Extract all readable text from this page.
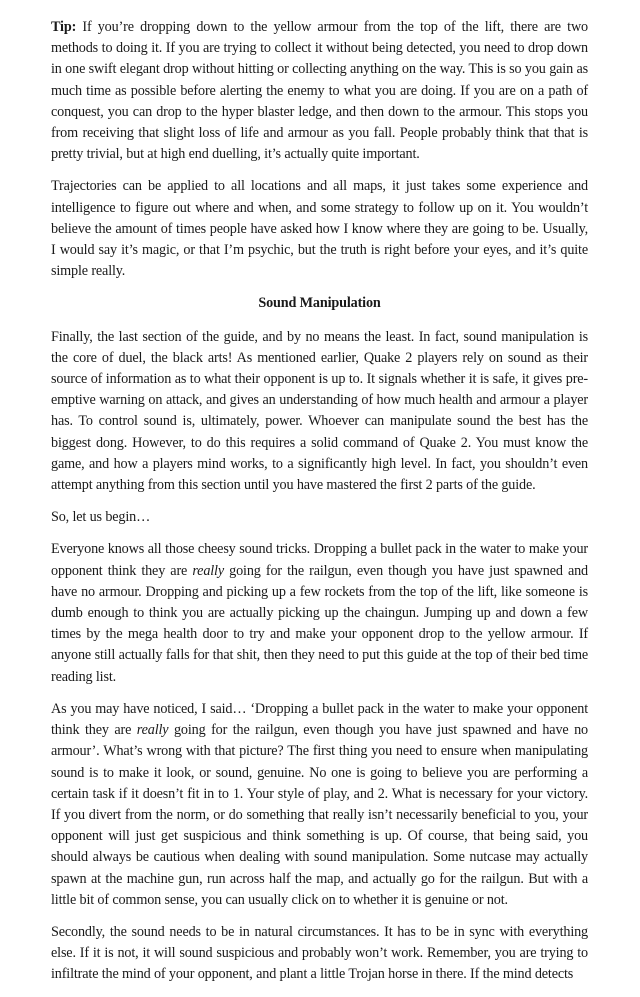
Tip: If you’re dropping down to the yellow armour from the top of the lift, there are two methods to doing it. If you are trying to collect it without being detected, you need to drop down in one swift elegant drop without hitting or collecting anything on the way. This is so you gain as much time as possible before alerting the enemy to what you are doing. If you are on a path of conquest, you can drop to the hyper blaster ledge, and then down to the armour. This stops you from receiving that slight loss of life and armour as you fall. People probably think that that is pretty trivial, but at high end duelling, it’s actually quite important.

Trajectories can be applied to all locations and all maps, it just takes some experience and intelligence to figure out where and when, and some strategy to follow up on it. You wouldn’t believe the amount of times people have asked how I know where they are going to be. Usually, I would say it’s magic, or that I’m psychic, but the truth is right before your eyes, and it’s quite simple really.

Sound Manipulation

Finally, the last section of the guide, and by no means the least. In fact, sound manipulation is the core of duel, the black arts! As mentioned earlier, Quake 2 players rely on sound as their source of information as to what their opponent is up to. It signals whether it is safe, it gives pre-emptive warning on attack, and gives an understanding of how much health and armour a player has. To control sound is, ultimately, power. Whoever can manipulate sound the best has the biggest dong. However, to do this requires a solid command of Quake 2. You must know the game, and how a players mind works, to a significantly high level. In fact, you shouldn’t even attempt anything from this section until you have mastered the first 2 parts of the guide.

So, let us begin…

Everyone knows all those cheesy sound tricks. Dropping a bullet pack in the water to make your opponent think they are really going for the railgun, even though you have just spawned and have no armour. Dropping and picking up a few rockets from the top of the lift, like someone is dumb enough to think you are actually picking up the chaingun. Jumping up and down a few times by the mega health door to try and make your opponent drop to the yellow armour. If anyone still actually falls for that shit, then they need to put this guide at the top of their bed time reading list.

As you may have noticed, I said… ‘Dropping a bullet pack in the water to make your opponent think they are really going for the railgun, even though you have just spawned and have no armour’. What’s wrong with that picture? The first thing you need to ensure when manipulating sound is to make it look, or sound, genuine. No one is going to believe you are performing a certain task if it doesn’t fit in to 1. Your style of play, and 2. What is necessary for your victory. If you divert from the norm, or do something that really isn’t necessarily beneficial to you, your opponent will just get suspicious and think something is up. Of course, that being said, you should always be cautious when dealing with sound manipulation. Some nutcase may actually spawn at the machine gun, run across half the map, and actually go for the railgun. But with a little bit of common sense, you can usually click on to whether it is genuine or not.

Secondly, the sound needs to be in natural circumstances. It has to be in sync with everything else. If it is not, it will sound suspicious and probably won’t work. Remember, you are trying to infiltrate the mind of your opponent, and plant a little Trojan horse in there. If the mind detects
